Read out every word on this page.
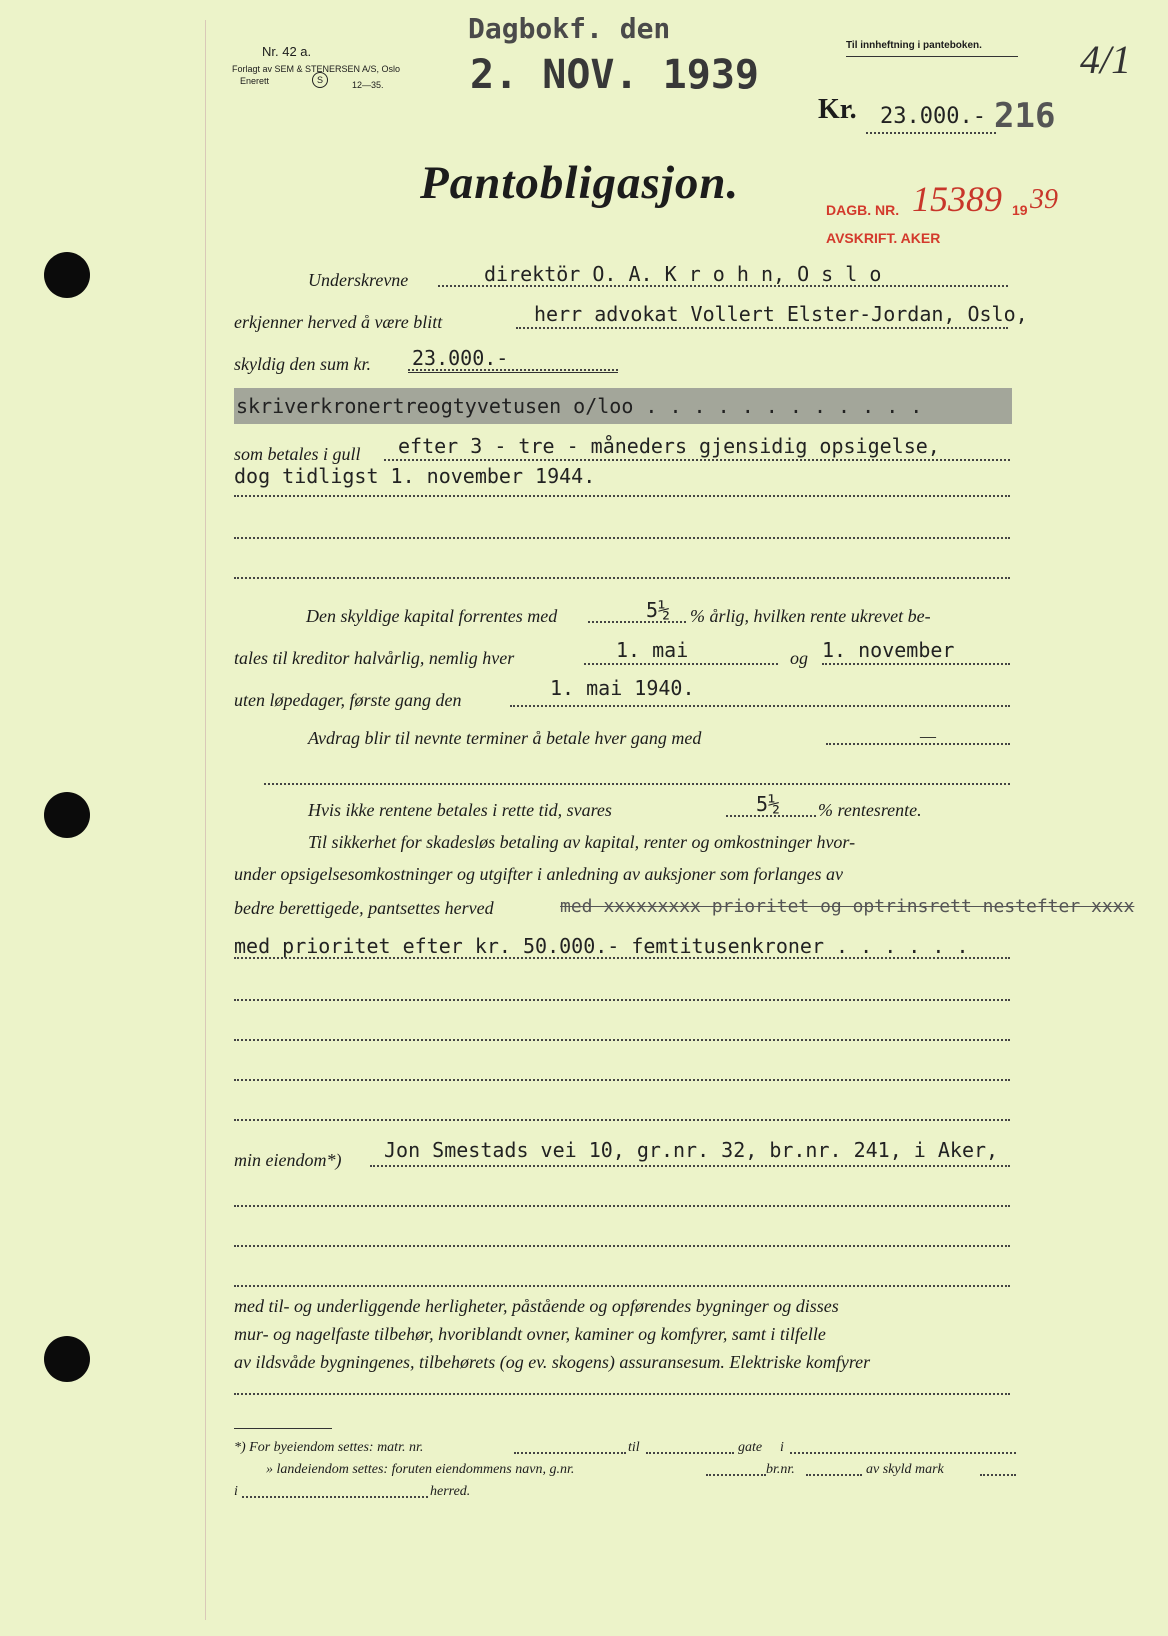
Nr. 42 a.
Forlagt av SEM & STENERSEN A/S, Oslo
Enerett	S	12—35.
Dagbokf. den
2. NOV. 1939
Til innheftning i panteboken. 4/1
Kr. 23.000.- 216
Pantobligasjon.
DAGB. NR. 15389 19 39
AVSKRIFT. AKER
Underskrevne	direktör O. A. K r o h n, O s l o
erkjenner herved å være blitt	herr advokat Vollert Elster-Jordan, Oslo,
skyldig den sum kr. 23.000.-
skriverkronertreogtyvetusen o/loo . . . . . . . . . . . .
som betales i gull efter 3 - tre - måneders gjensidig opsigelse,
dog tidligst 1. november 1944.
Den skyldige kapital forrentes med	5½ % årlig, hvilken rente ukrevet be-
tales til kreditor halvårlig, nemlig hver	1. mai	og 1. november
uten løpedager, første gang den	1. mai 1940.
Avdrag blir til nevnte terminer å betale hver gang med	—
Hvis ikke rentene betales i rette tid, svares	5½ % rentesrente.
Til sikkerhet for skadesløs betaling av kapital, renter og omkostninger hvor-
under opsigelsesomkostninger og utgifter i anledning av auksjoner som forlanges av
bedre berettigede, pantsettes herved	med xxxxxxxxx prioritet og optrinsrett nestefter xxxx
med prioritet efter kr. 50.000.- femtitusenkroner . . . . . .
min eiendom*) Jon Smestads vei 10, gr.nr. 32, br.nr. 241, i Aker,
med til- og underliggende herligheter, påstående og opførendes bygninger og disses
mur- og nagelfaste tilbehør, hvoriblandt ovner, kaminer og komfyrer, samt i tilfelle
av ildsvåde bygningenes, tilbehørets (og ev. skogens) assuransesum. Elektriske komfyrer
*) For byeiendom settes: matr. nr.	til	gate i
» landeiendom settes: foruten eiendommens navn, g.nr.	br.nr.	av skyld mark
i	herred.
